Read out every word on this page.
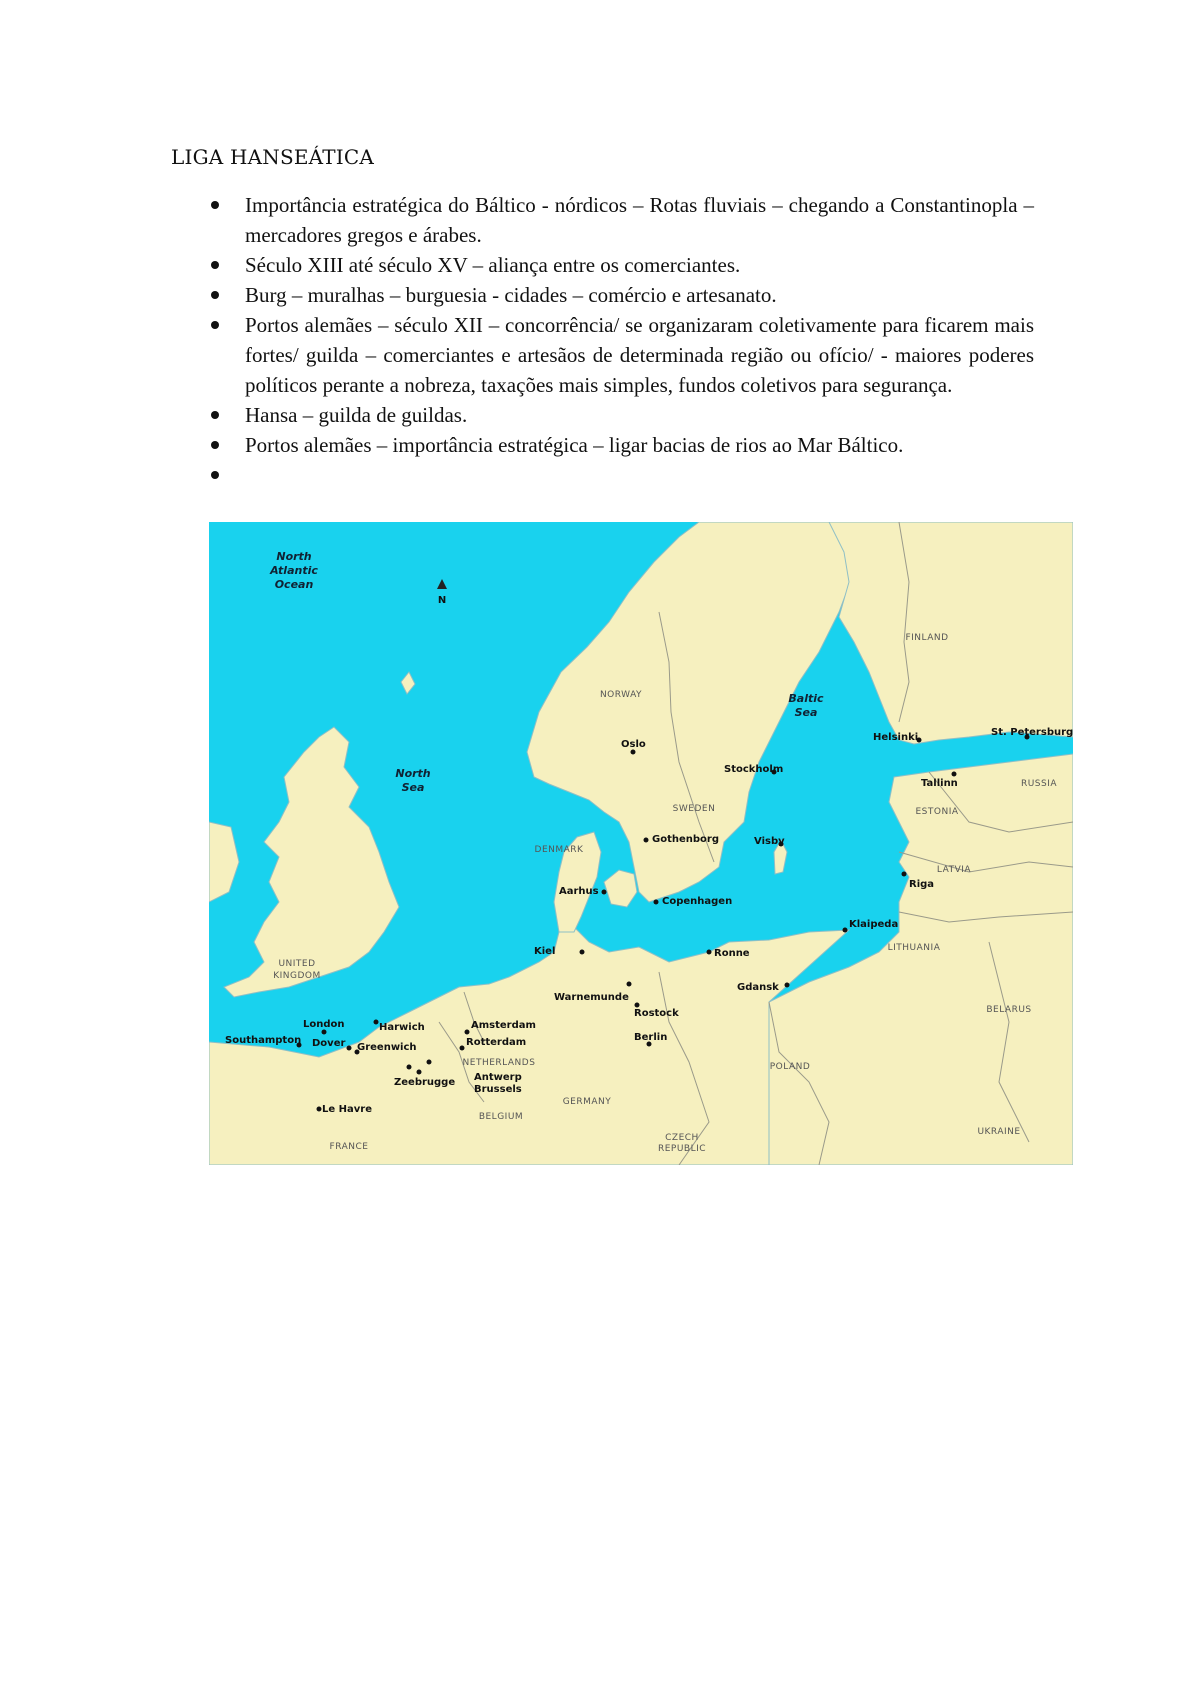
LIGA HANSEÁTICA
Importância estratégica do Báltico - nórdicos – Rotas fluviais – chegando a Constantinopla – mercadores gregos e árabes.
Século XIII até século XV – aliança entre os comerciantes.
Burg – muralhas – burguesia - cidades – comércio e artesanato.
Portos alemães – século XII – concorrência/ se organizaram coletivamente para ficarem mais fortes/ guilda – comerciantes e artesãos de determinada região ou ofício/ - maiores poderes políticos perante a nobreza, taxações mais simples, fundos coletivos para segurança.
Hansa – guilda de guildas.
Portos alemães – importância estratégica – ligar bacias de rios ao Mar Báltico.
N
North
Atlantic
Ocean
North
Sea
Baltic
Sea
FINLAND
NORWAY
SWEDEN
DENMARK
ESTONIA
LATVIA
LITHUANIA
RUSSIA
BELARUS
UKRAINE
POLAND
GERMANY
CZECH
REPUBLIC
NETHERLANDS
BELGIUM
FRANCE
UNITED
KINGDOM
Oslo
Stockholm
Helsinki	St. Petersburg
Tallinn
Visby
Gothenborg
Riga
Aarhus
Copenhagen
Kiel	Ronne
Klaipeda
Gdansk
Warnemunde
Rostock
Berlin
Amsterdam
Rotterdam
Antwerp
Brussels
Zeebrugge
Le Havre
London	Harwich
Southampton Dover Greenwich
